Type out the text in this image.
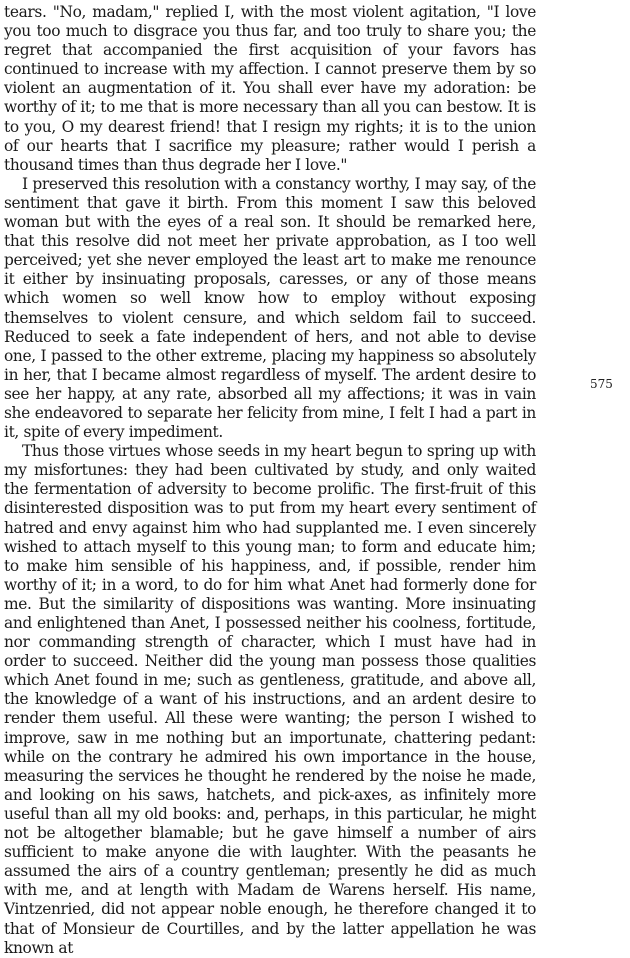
tears. "No, madam," replied I, with the most violent agitation, "I love you too much to disgrace you thus far, and too truly to share you; the regret that accompanied the first acquisition of your favors has continued to increase with my affection. I cannot preserve them by so violent an augmentation of it. You shall ever have my adoration: be worthy of it; to me that is more necessary than all you can bestow. It is to you, O my dearest friend! that I resign my rights; it is to the union of our hearts that I sacrifice my pleasure; rather would I perish a thousand times than thus degrade her I love."

I preserved this resolution with a constancy worthy, I may say, of the sentiment that gave it birth. From this moment I saw this beloved woman but with the eyes of a real son. It should be remarked here, that this resolve did not meet her private approbation, as I too well perceived; yet she never employed the least art to make me renounce it either by insinuating proposals, caresses, or any of those means which women so well know how to employ without exposing themselves to violent censure, and which seldom fail to succeed. Reduced to seek a fate independent of hers, and not able to devise one, I passed to the other extreme, placing my happiness so absolutely in her, that I became almost regardless of myself. The ardent desire to see her happy, at any rate, absorbed all my affections; it was in vain she endeavored to separate her felicity from mine, I felt I had a part in it, spite of every impediment.

Thus those virtues whose seeds in my heart begun to spring up with my misfortunes: they had been cultivated by study, and only waited the fermentation of adversity to become prolific. The first-fruit of this disinterested disposition was to put from my heart every sentiment of hatred and envy against him who had supplanted me. I even sincerely wished to attach myself to this young man; to form and educate him; to make him sensible of his happiness, and, if possible, render him worthy of it; in a word, to do for him what Anet had formerly done for me. But the similarity of dispositions was wanting. More insinuating and enlightened than Anet, I possessed neither his coolness, fortitude, nor commanding strength of character, which I must have had in order to succeed. Neither did the young man possess those qualities which Anet found in me; such as gentleness, gratitude, and above all, the knowledge of a want of his instructions, and an ardent desire to render them useful. All these were wanting; the person I wished to improve, saw in me nothing but an importunate, chattering pedant: while on the contrary he admired his own importance in the house, measuring the services he thought he rendered by the noise he made, and looking on his saws, hatchets, and pick-axes, as infinitely more useful than all my old books: and, perhaps, in this particular, he might not be altogether blamable; but he gave himself a number of airs sufficient to make anyone die with laughter. With the peasants he assumed the airs of a country gentleman; presently he did as much with me, and at length with Madam de Warens herself. His name, Vintzenried, did not appear noble enough, he therefore changed it to that of Monsieur de Courtilles, and by the latter appellation he was known at

575
